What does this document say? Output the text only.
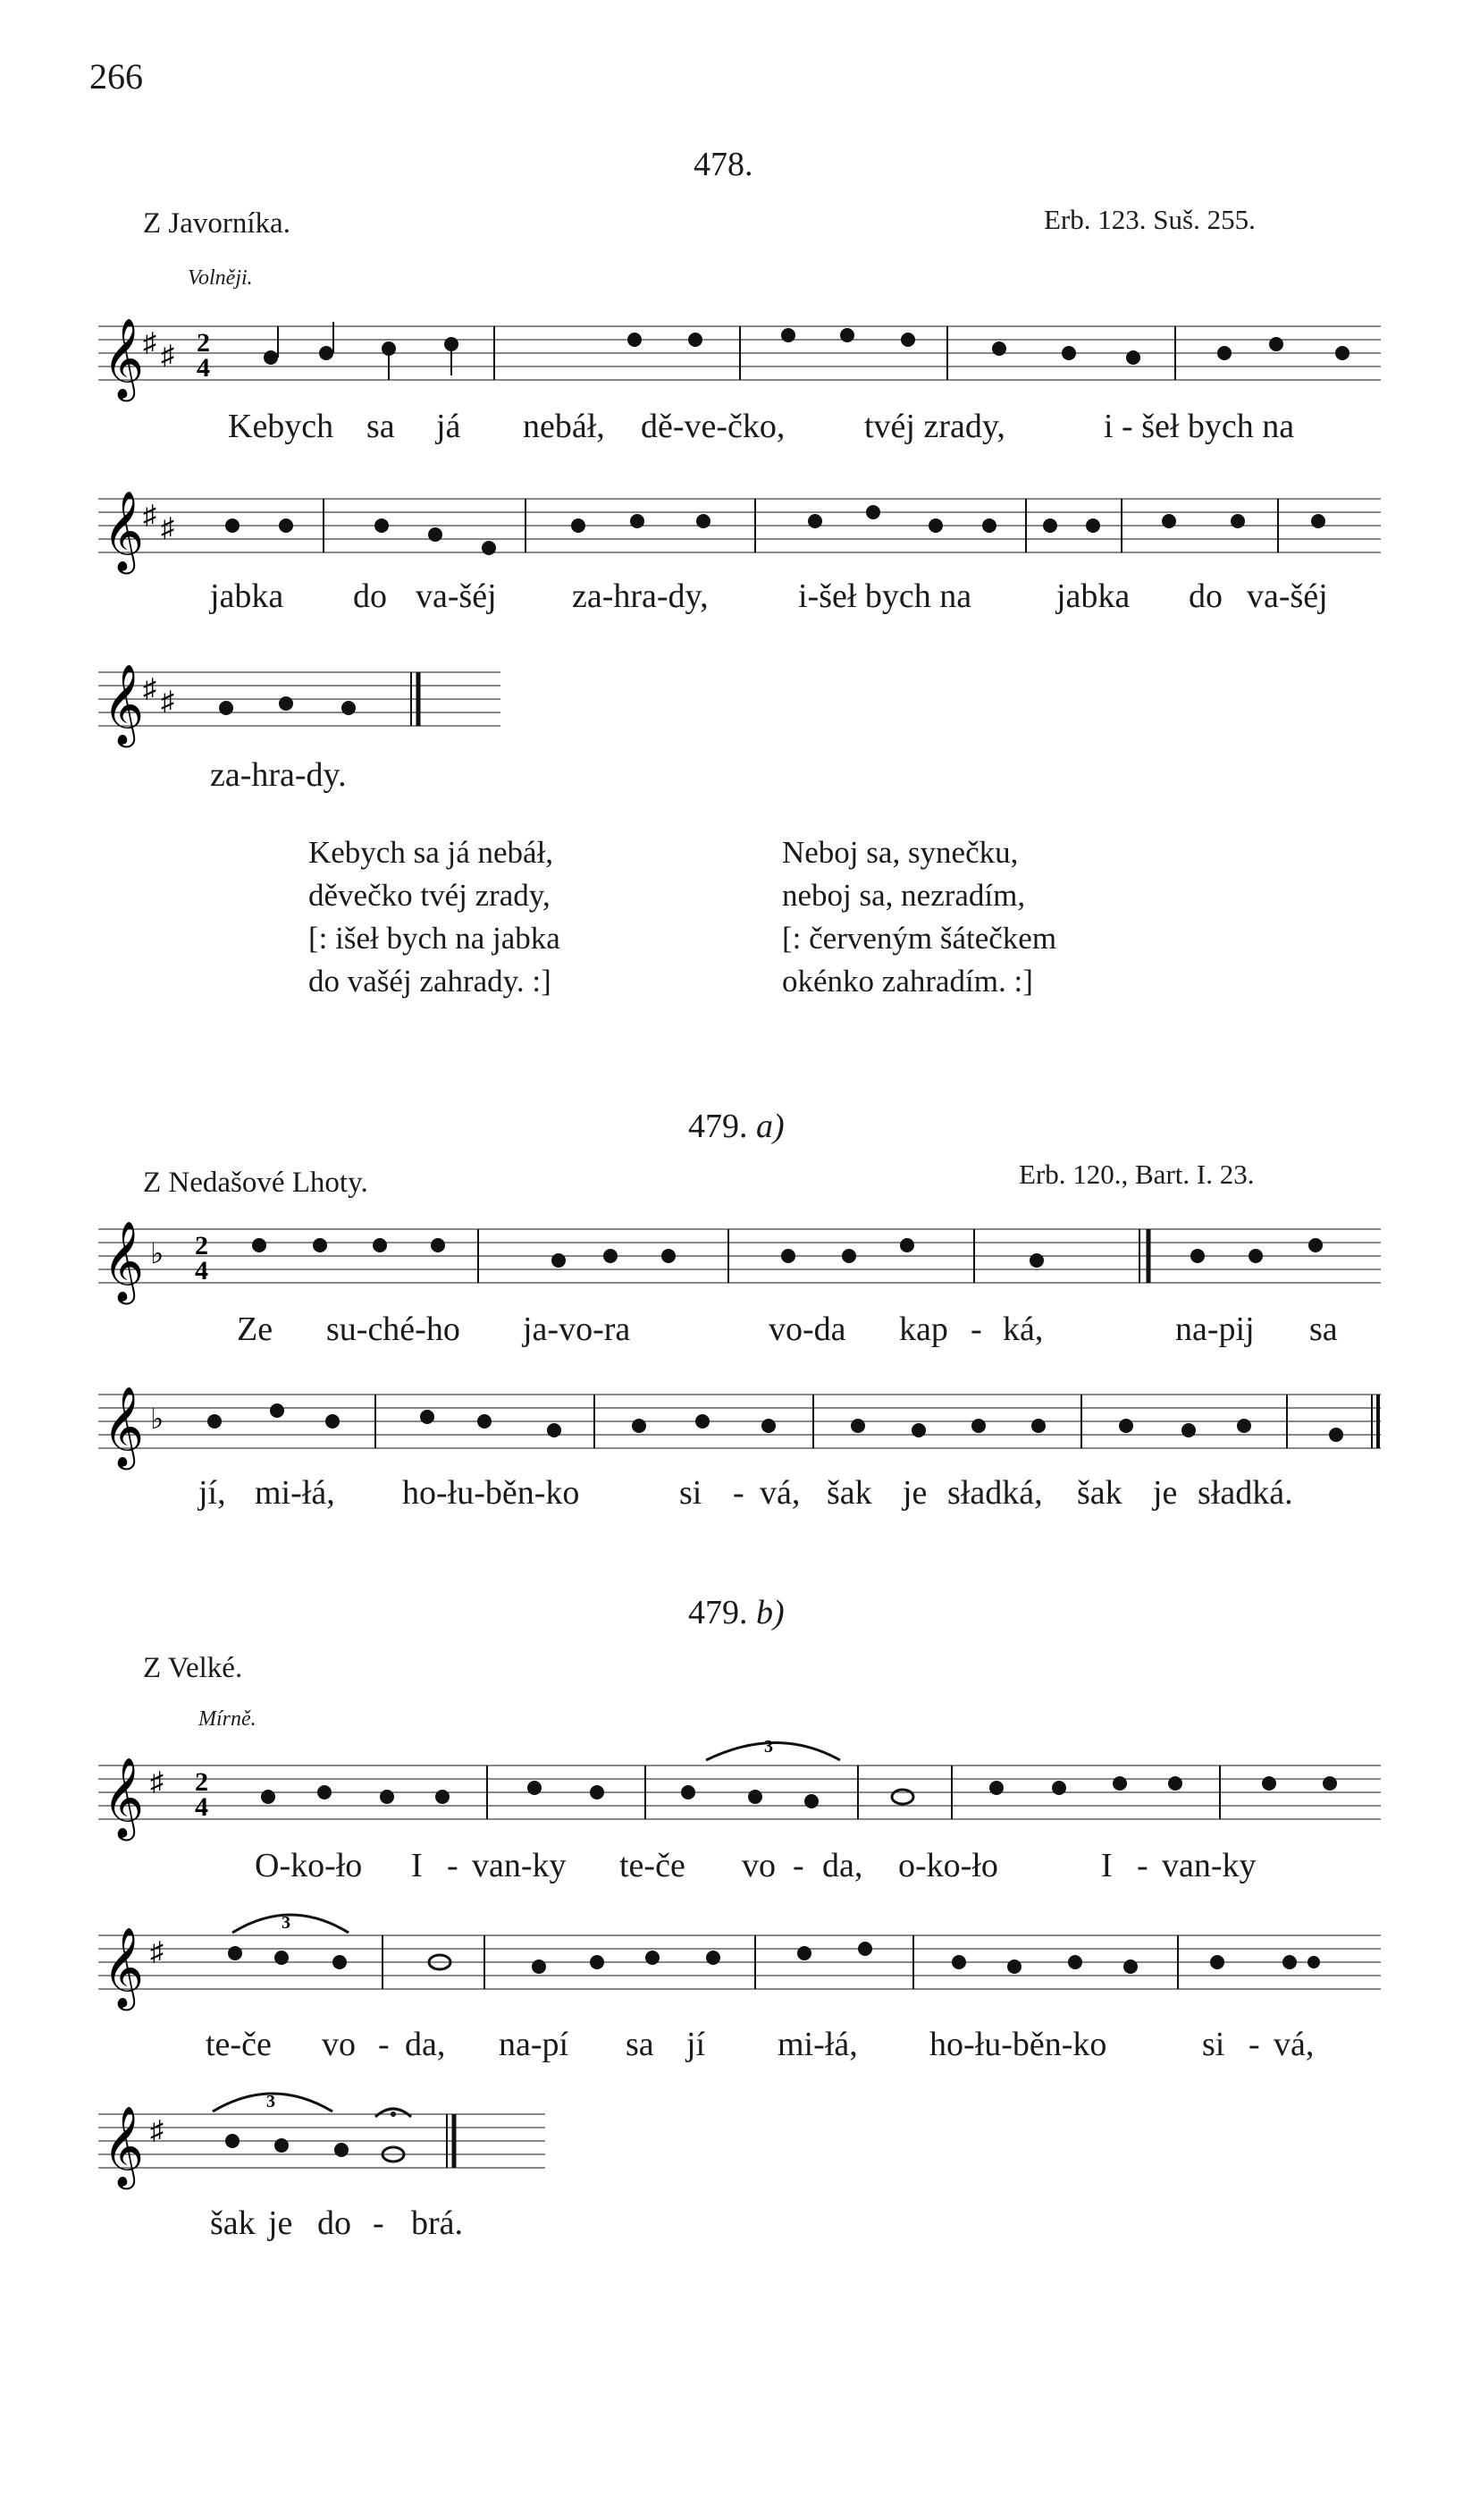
266
478.
Z Javorníka.	Erb. 123. Suš. 255.
Volněji.
𝄞
♯ ♯ 2
4
Kebych sa já nebáł, dě-ve-čko, tvéj zrady,	i - šeł bych na
𝄞
♯ ♯
jabka do va-šéj za-hra-dy,	i-šeł bych na jabka do va-šéj
𝄞
♯ ♯
za-hra-dy.
Kebych sa já nebáł,
děvečko tvéj zrady,
[: išeł bych na jabka
do vašéj zahrady. :]
Neboj sa, synečku,
neboj sa, nezradím,
[: červeným šátečkem
okénko zahradím. :]
479. a)
Z Nedašové Lhoty.	Erb. 120., Bart. I. 23.
𝄞 ♭ 2
4
Ze su-ché-ho ja-vo-ra	vo-da kap - ká,	na-pij sa
𝄞 ♭
jí, mi-łá, ho-łu-běn-ko	si - vá, šak je sładká, šak je sładká.
479. b)
Z Velké.
Mírně.
3
𝄞 ♯ 2
4
O-ko-ło I - van-ky te-če vo - da, o-ko-ło	I - van-ky
3
𝄞 ♯
te-če vo - da, na-pí sa jí mi-łá, ho-łu-běn-ko	si - vá,
3
𝄞 ♯
šak je do - brá.
